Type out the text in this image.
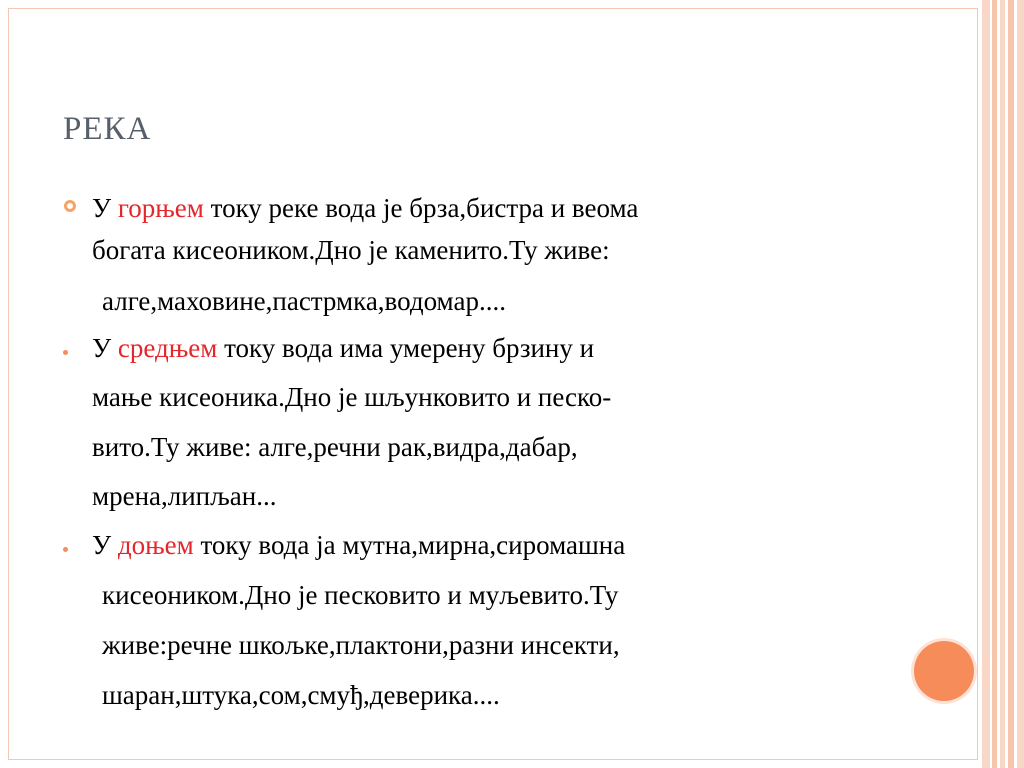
РЕКА
У горњем току реке вода је брза,бистра и веома
богата кисеоником.Дно је каменито.Ту живе:
алге,маховине,пастрмка,водомар....
У средњем току вода има умерену брзину и
мање кисеоника.Дно је шљунковито и песко-
вито.Ту живе: алге,речни рак,видра,дабар,
мрена,липљан...
У доњем току вода ја мутна,мирна,сиромашна
кисеоником.Дно је песковито и муљевито.Ту
живе:речне шкољке,плактони,разни инсекти,
шаран,штука,сом,смуђ,деверика....
